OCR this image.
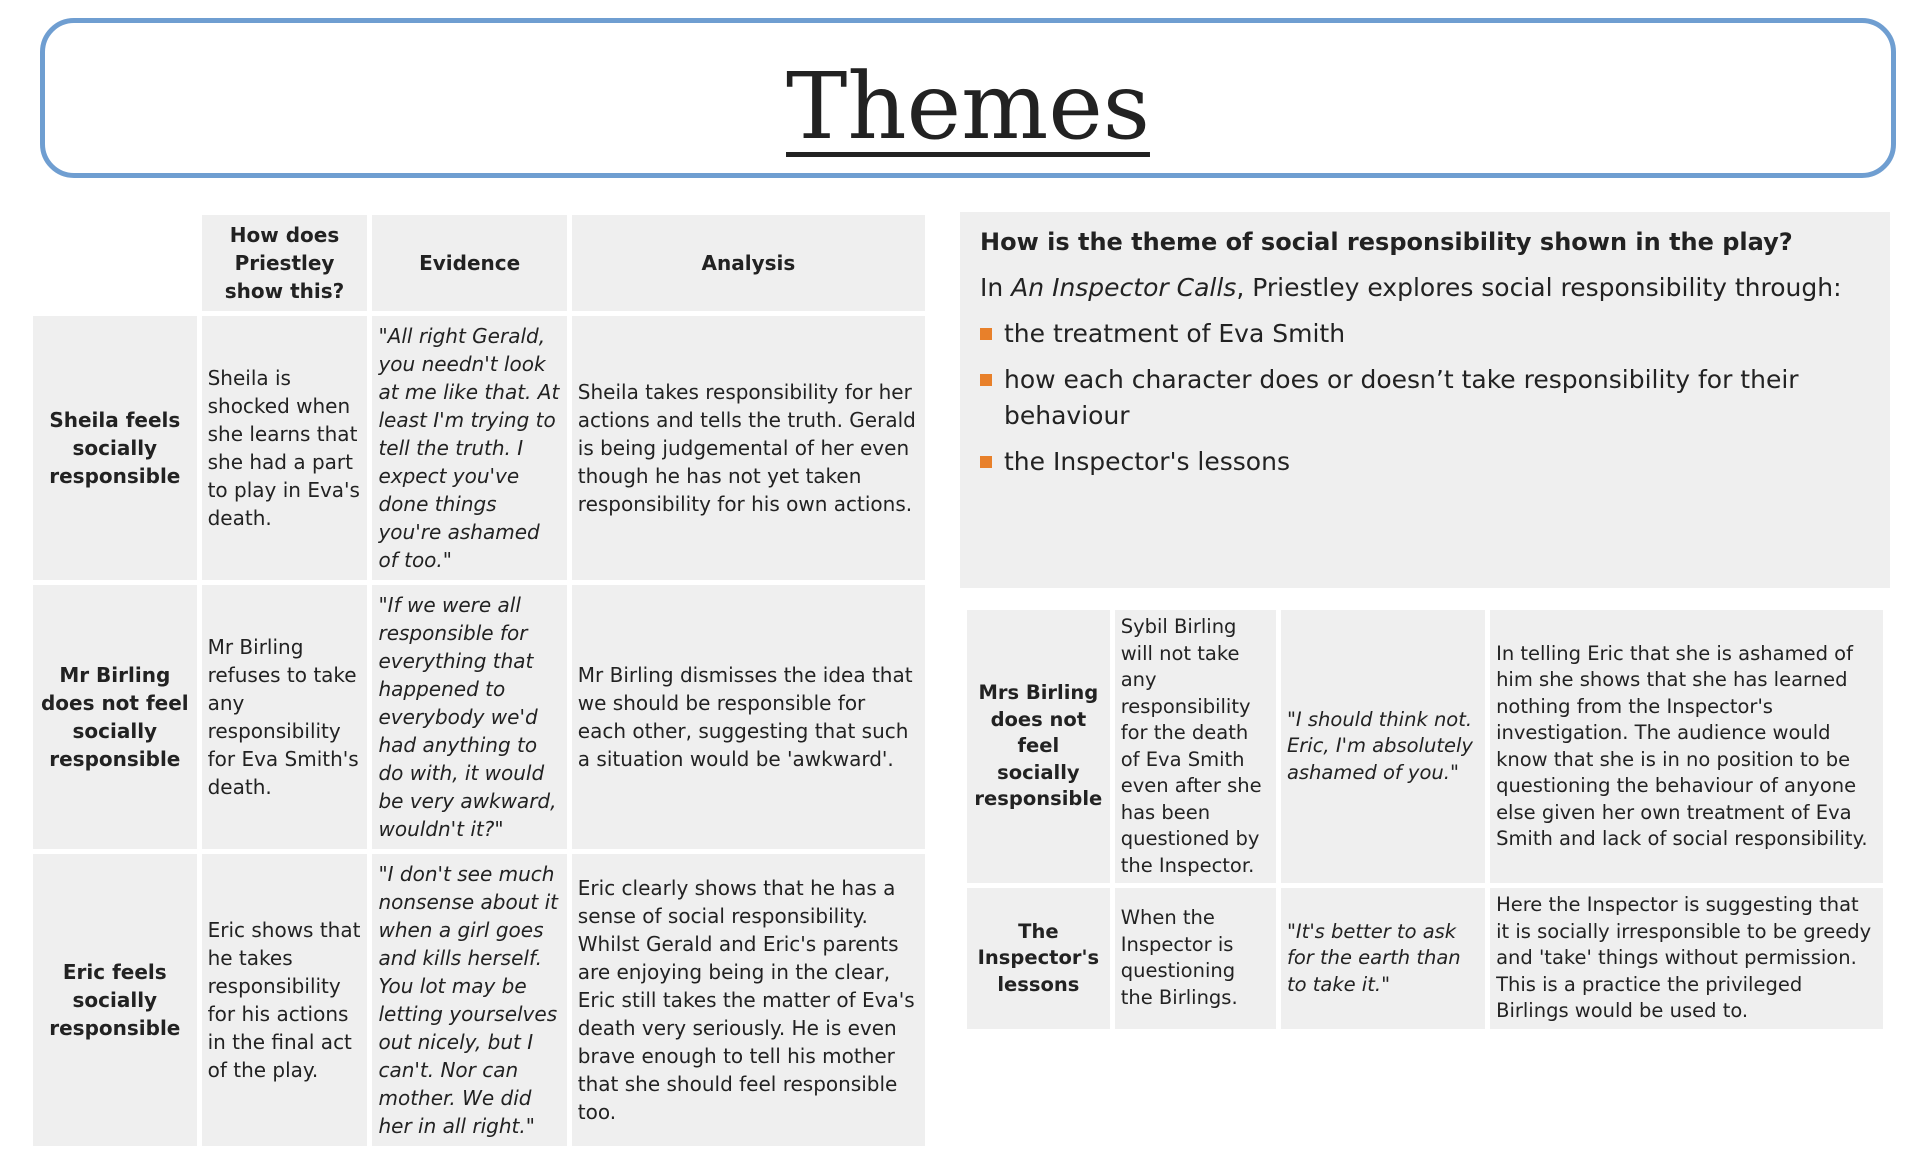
Themes
	How does Priestley show this?	Evidence	Analysis
Sheila feels socially responsible	Sheila is shocked when she learns that she had a part to play in Eva's death.	"All right Gerald, you needn't look at me like that. At least I'm trying to tell the truth. I expect you've done things you're ashamed of too."	Sheila takes responsibility for her actions and tells the truth. Gerald is being judgemental of her even though he has not yet taken responsibility for his own actions.
Mr Birling does not feel socially responsible	Mr Birling refuses to take any responsibility for Eva Smith's death.	"If we were all responsible for everything that happened to everybody we'd had anything to do with, it would be very awkward, wouldn't it?"	Mr Birling dismisses the idea that we should be responsible for each other, suggesting that such a situation would be 'awkward'.
Eric feels socially responsible	Eric shows that he takes responsibility for his actions in the final act of the play.	"I don't see much nonsense about it when a girl goes and kills herself. You lot may be letting yourselves out nicely, but I can't. Nor can mother. We did her in all right."	Eric clearly shows that he has a sense of social responsibility. Whilst Gerald and Eric's parents are enjoying being in the clear, Eric still takes the matter of Eva's death very seriously. He is even brave enough to tell his mother that she should feel responsible too.
How is the theme of social responsibility shown in the play?

In An Inspector Calls, Priestley explores social responsibility through:

the treatment of Eva Smith
how each character does or doesn’t take responsibility for their behaviour
the Inspector's lessons
Mrs Birling does not feel socially responsible	Sybil Birling will not take any responsibility for the death of Eva Smith even after she has been questioned by the Inspector.	"I should think not. Eric, I'm absolutely ashamed of you."	In telling Eric that she is ashamed of him she shows that she has learned nothing from the Inspector's investigation. The audience would know that she is in no position to be questioning the behaviour of anyone else given her own treatment of Eva Smith and lack of social responsibility.
The Inspector's lessons	When the Inspector is questioning the Birlings.	"It's better to ask for the earth than to take it."	Here the Inspector is suggesting that it is socially irresponsible to be greedy and 'take' things without permission. This is a practice the privileged Birlings would be used to.
